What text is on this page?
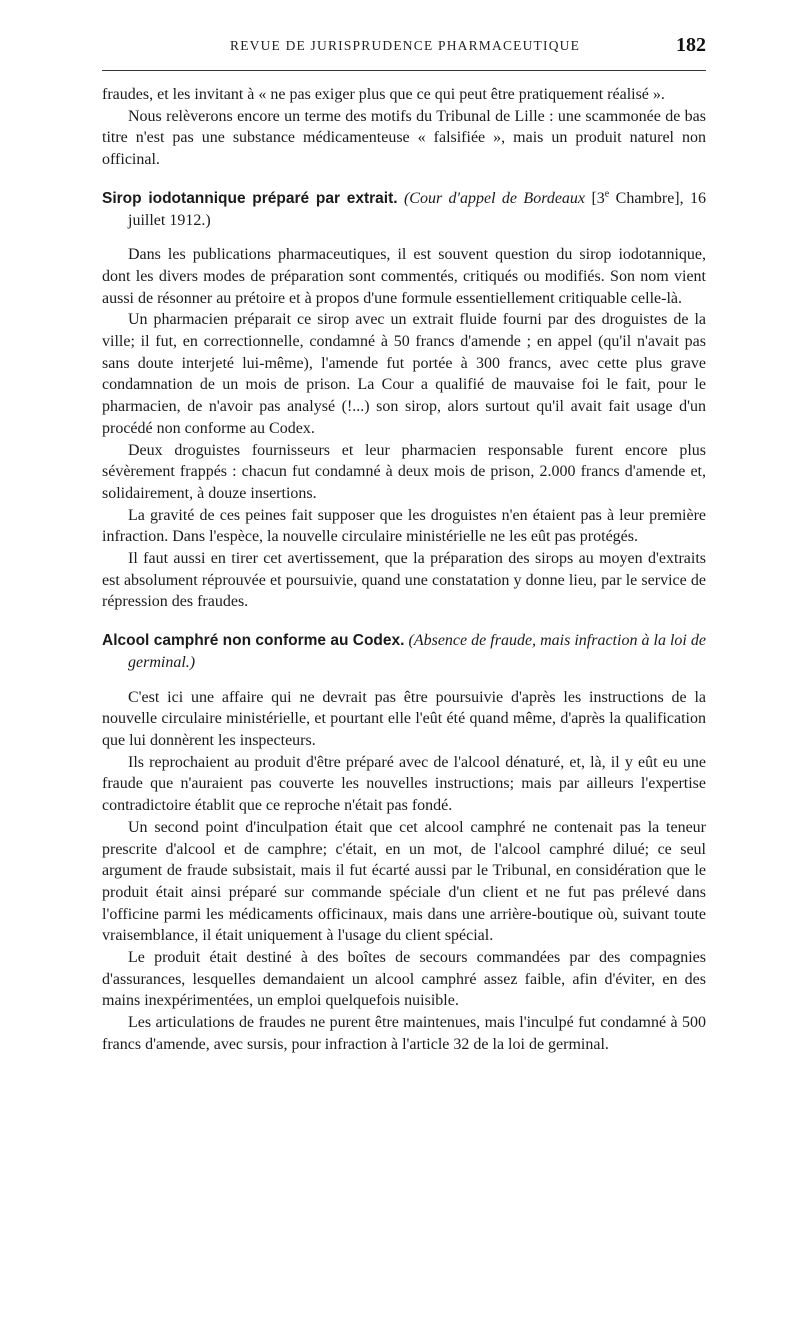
REVUE DE JURISPRUDENCE PHARMACEUTIQUE	182

fraudes, et les invitant à « ne pas exiger plus que ce qui peut être pratiquement réalisé ».

Nous relèverons encore un terme des motifs du Tribunal de Lille : une scammonée de bas titre n'est pas une substance médicamenteuse « falsifiée », mais un produit naturel non officinal.

Sirop iodotannique préparé par extrait. (Cour d'appel de Bordeaux [3e Chambre], 16 juillet 1912.)

Dans les publications pharmaceutiques, il est souvent question du sirop iodotannique, dont les divers modes de préparation sont commentés, critiqués ou modifiés. Son nom vient aussi de résonner au prétoire et à propos d'une formule essentiellement critiquable celle-là.

Un pharmacien préparait ce sirop avec un extrait fluide fourni par des droguistes de la ville; il fut, en correctionnelle, condamné à 50 francs d'amende ; en appel (qu'il n'avait pas sans doute interjeté lui-même), l'amende fut portée à 300 francs, avec cette plus grave condamnation de un mois de prison. La Cour a qualifié de mauvaise foi le fait, pour le pharmacien, de n'avoir pas analysé (!...) son sirop, alors surtout qu'il avait fait usage d'un procédé non conforme au Codex.

Deux droguistes fournisseurs et leur pharmacien responsable furent encore plus sévèrement frappés : chacun fut condamné à deux mois de prison, 2.000 francs d'amende et, solidairement, à douze insertions.

La gravité de ces peines fait supposer que les droguistes n'en étaient pas à leur première infraction. Dans l'espèce, la nouvelle circulaire ministérielle ne les eût pas protégés.

Il faut aussi en tirer cet avertissement, que la préparation des sirops au moyen d'extraits est absolument réprouvée et poursuivie, quand une constatation y donne lieu, par le service de répression des fraudes.

Alcool camphré non conforme au Codex. (Absence de fraude, mais infraction à la loi de germinal.)

C'est ici une affaire qui ne devrait pas être poursuivie d'après les instructions de la nouvelle circulaire ministérielle, et pourtant elle l'eût été quand même, d'après la qualification que lui donnèrent les inspecteurs.

Ils reprochaient au produit d'être préparé avec de l'alcool dénaturé, et, là, il y eût eu une fraude que n'auraient pas couverte les nouvelles instructions; mais par ailleurs l'expertise contradictoire établit que ce reproche n'était pas fondé.

Un second point d'inculpation était que cet alcool camphré ne contenait pas la teneur prescrite d'alcool et de camphre; c'était, en un mot, de l'alcool camphré dilué; ce seul argument de fraude subsistait, mais il fut écarté aussi par le Tribunal, en considération que le produit était ainsi préparé sur commande spéciale d'un client et ne fut pas prélevé dans l'officine parmi les médicaments officinaux, mais dans une arrière-boutique où, suivant toute vraisemblance, il était uniquement à l'usage du client spécial.

Le produit était destiné à des boîtes de secours commandées par des compagnies d'assurances, lesquelles demandaient un alcool camphré assez faible, afin d'éviter, en des mains inexpérimentées, un emploi quelquefois nuisible.

Les articulations de fraudes ne purent être maintenues, mais l'inculpé fut condamné à 500 francs d'amende, avec sursis, pour infraction à l'article 32 de la loi de germinal.
